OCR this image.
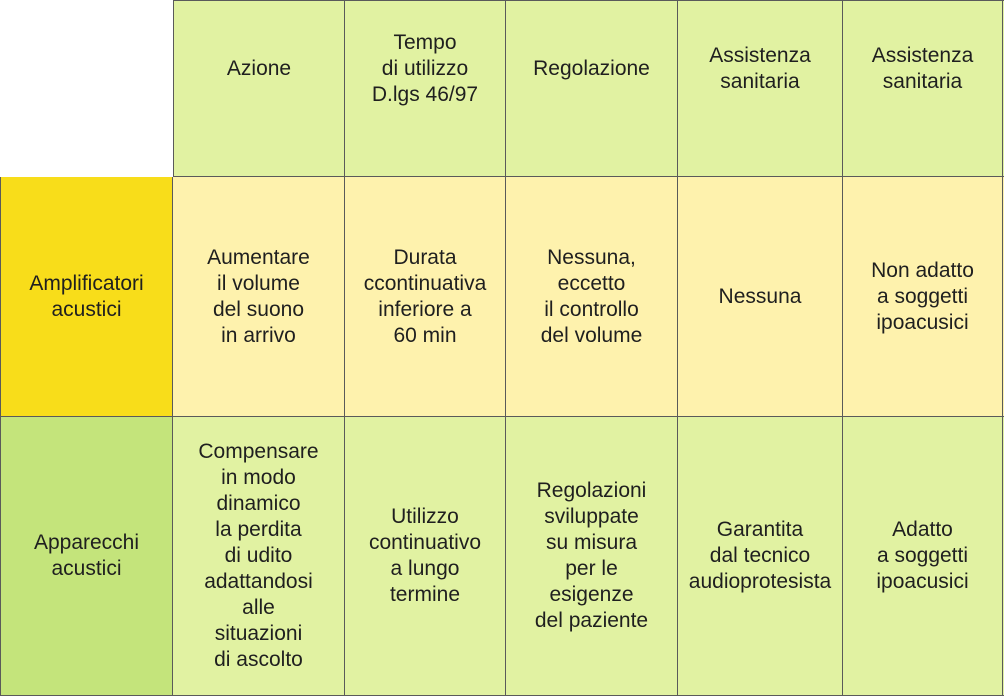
Azione
Tempo
di utilizzo
D.lgs 46/97
Regolazione
Assistenza
sanitaria
Assistenza
sanitaria
Amplificatori
acustici
Aumentare
il volume
del suono
in arrivo
Durata
ccontinuativa
inferiore a
60 min
Nessuna,
eccetto
il controllo
del volume
Nessuna
Non adatto
a soggetti
ipoacusici
Apparecchi
acustici
Compensare
in modo
dinamico
la perdita
di udito
adattandosi
alle
situazioni
di ascolto
Utilizzo
continuativo
a lungo
termine
Regolazioni
sviluppate
su misura
per le
esigenze
del paziente
Garantita
dal tecnico
audioprotesista
Adatto
a soggetti
ipoacusici
